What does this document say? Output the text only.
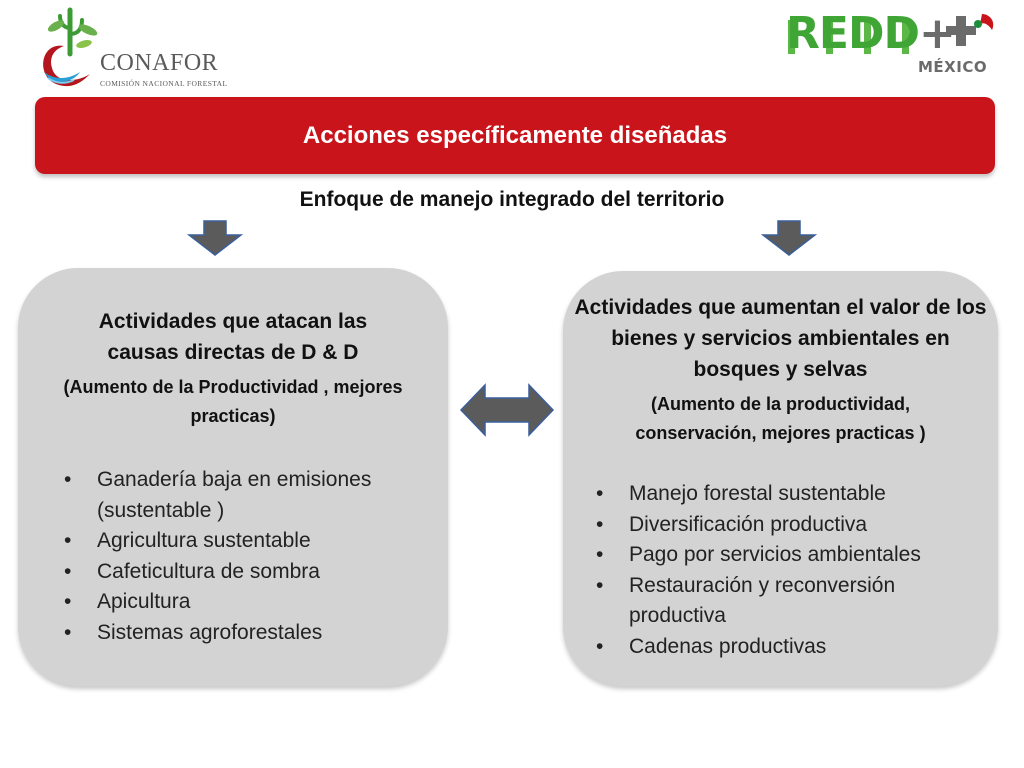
CONAFOR
COMISIÓN NACIONAL FORESTAL
REDD+
MÉXICO
Acciones específicamente diseñadas
Enfoque de manejo integrado del territorio
Actividades que atacan las causas directas de D & D
(Aumento de la Productividad , mejores practicas)
• Ganadería baja en emisiones (sustentable )
• Agricultura sustentable
• Cafeticultura de sombra
• Apicultura
• Sistemas agroforestales
Actividades que aumentan el valor de los bienes y servicios ambientales en bosques y selvas
(Aumento de la productividad, conservación, mejores practicas )
• Manejo forestal sustentable
• Diversificación productiva
• Pago por servicios ambientales
• Restauración y reconversión productiva
• Cadenas productivas
